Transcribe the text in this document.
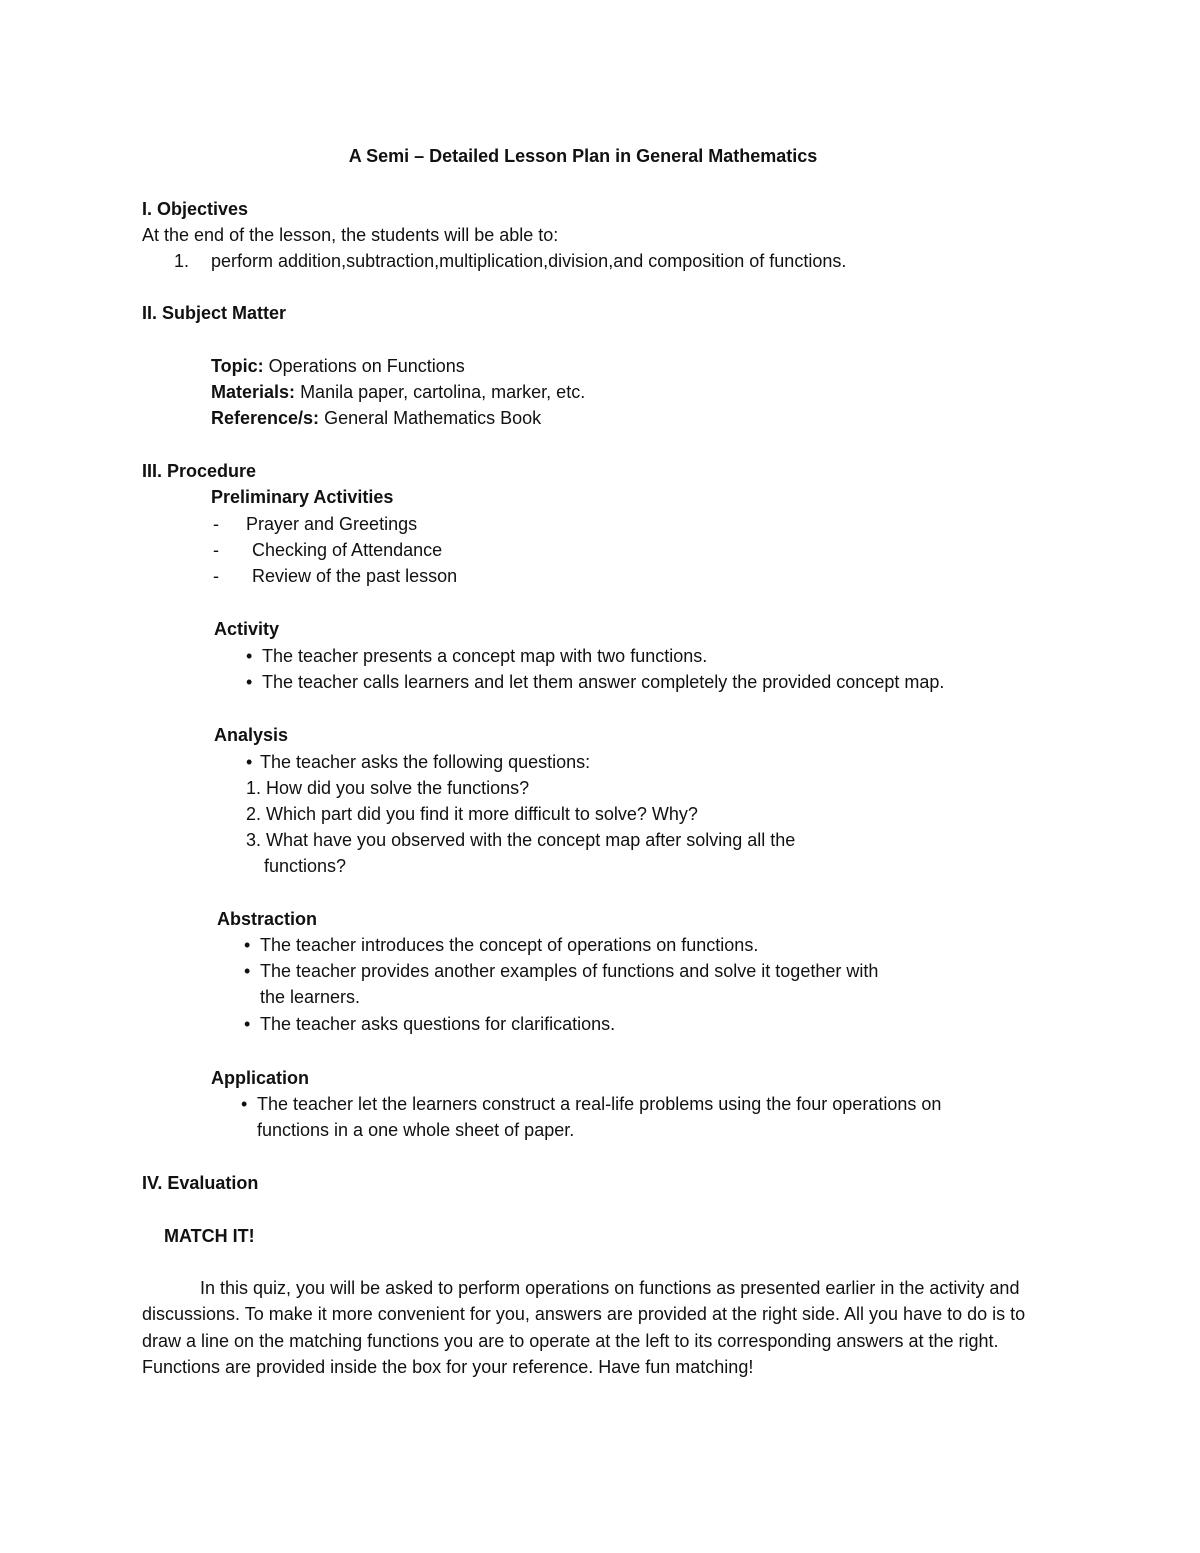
A Semi – Detailed Lesson Plan in General Mathematics
I. Objectives
At the end of the lesson, the students will be able to:
1. perform addition,subtraction,multiplication,division,and composition of functions.
II. Subject Matter
Topic: Operations on Functions
Materials: Manila paper, cartolina, marker, etc.
Reference/s: General Mathematics Book
III. Procedure
Preliminary Activities
- Prayer and Greetings
- Checking of Attendance
- Review of the past lesson
Activity
• The teacher presents a concept map with two functions.
• The teacher calls learners and let them answer completely the provided concept map.
Analysis
• The teacher asks the following questions:
1. How did you solve the functions?
2. Which part did you find it more difficult to solve? Why?
3. What have you observed with the concept map after solving all the
functions?
Abstraction
• The teacher introduces the concept of operations on functions.
• The teacher provides another examples of functions and solve it together with
the learners.
• The teacher asks questions for clarifications.
Application
• The teacher let the learners construct a real-life problems using the four operations on
functions in a one whole sheet of paper.
IV. Evaluation
MATCH IT!
In this quiz, you will be asked to perform operations on functions as presented earlier in the activity and discussions. To make it more convenient for you, answers are provided at the right side. All you have to do is to draw a line on the matching functions you are to operate at the left to its corresponding answers at the right. Functions are provided inside the box for your reference. Have fun matching!
